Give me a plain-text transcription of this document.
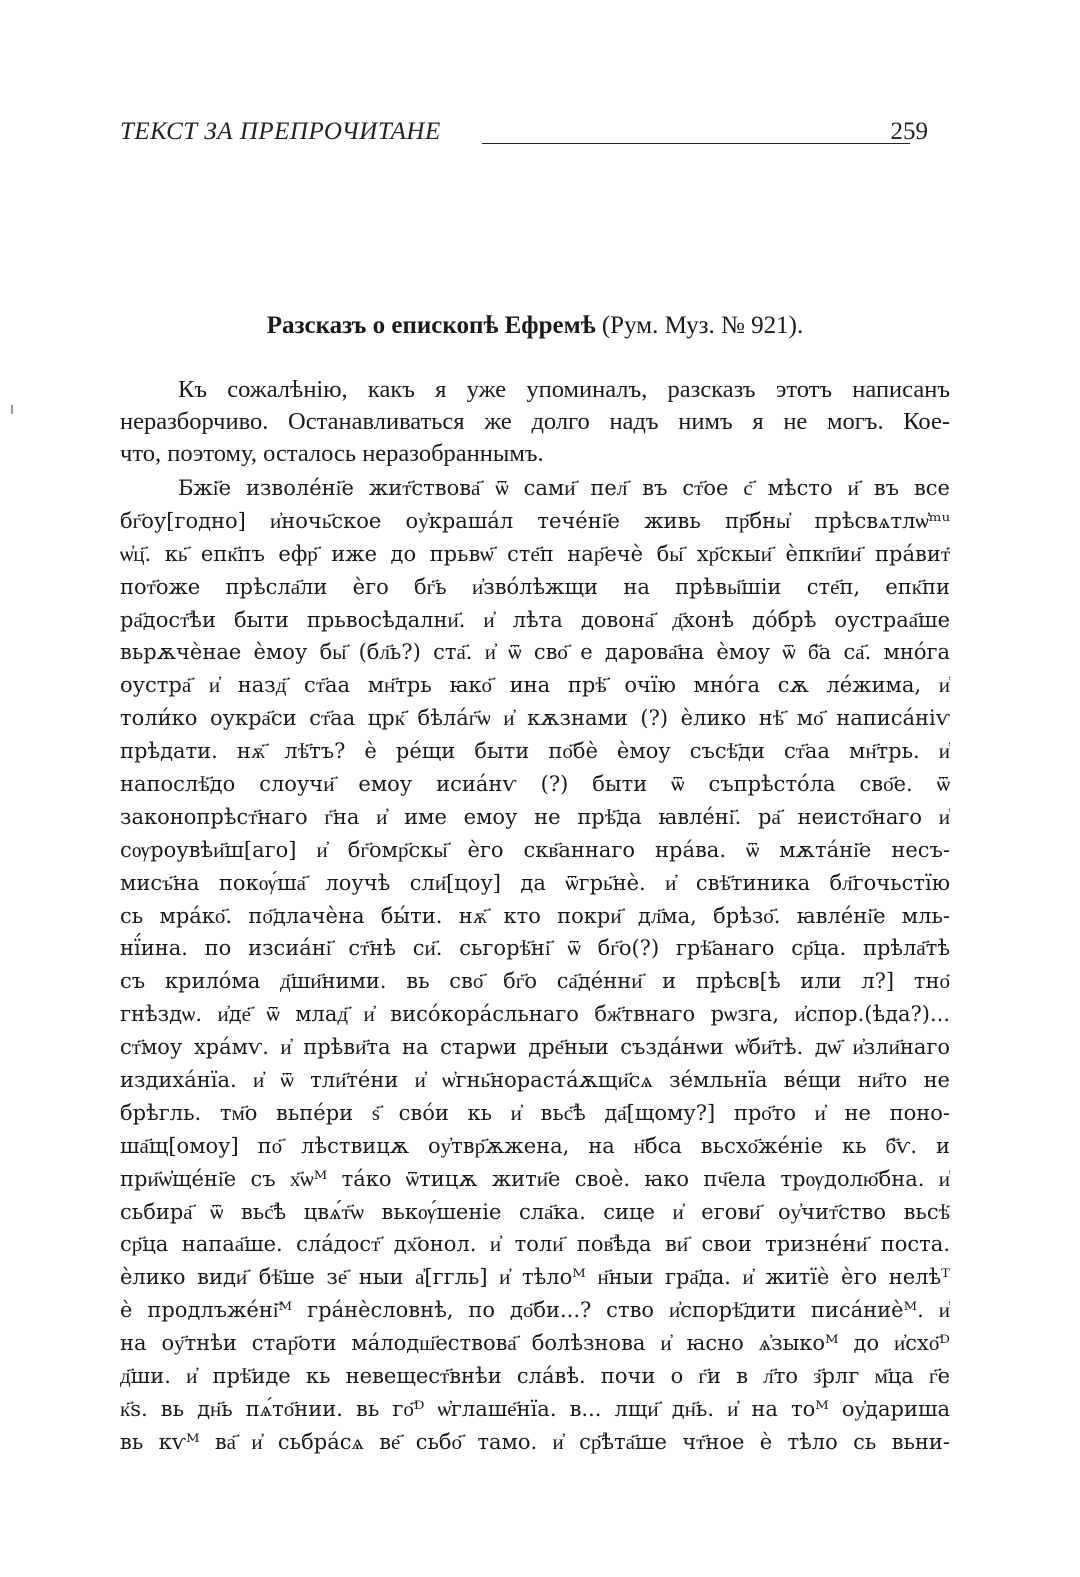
ТЕКСТ ЗА ПРЕПРОЧИТАНЕ	259
Разсказъ о епископѣ Ефремѣ (Рум. Муз. № 921).
Къ сожалѣнію, какъ я уже упоминалъ, разсказъ этотъ написанъ
неразборчиво. Останавливаться же долго надъ нимъ я не могъ. Кое-
что, поэтому, осталось неразобраннымъ.
Бжі҃е изволе́ні҃е жит҃ствова҃ ѿ сами҃ пел҃ въ ст҃ое с҃ мѣсто и҃ въ все
бг҃оу[годно] и҆ночь҃ское оу҆краша́л тече́ні҃е живь пр҃бны҆ прѣсвѧтлѡ҆ᵐᵘ
ѡ҆ц҃. кь҃ епк҃пъ ефр҃ иже до прьвѡ҃ сте҃п нар҃ечѐ бы҃ хр҃скыи҃ ѐпкп҃ии҃ пра́вит҃
пот҃оже прѣсла҃ли ѐго бг҃ь и҆зво́лѣжщи на прѣвы҃шіи сте҃п, епк҃пи
ра҃дост҃ѣи быти прьвосѣдални҃. и҆ лѣта довона҃ д҃хонѣ до́брѣ оустраа҃ше
вьрѫчѐнае ѐмоу бы҃ (бл҃ь?) ста҃. и҆ ѿ сво҃ е дарова҃на ѐмоу ѿ б҃а са҃. мно́га
оустра҃ и҆ назд҃ ст҃аа мн҃трь ꙗко҃ ина прѣ҃ очїю мно́га сѫ ле́жима, и҆
толи́ко оукра҃си ст҃аа црк҃ бѣла́г҃ѡ и҆ кѫзнами (?) ѐлико нѣ҃ мо҃ написа́ніѵ
прѣдати. нѫ҃ лѣ҃тъ? ѐ ре́щи быти по҃бѐ ѐмоу съсѣ҃ди ст҃аа мн҃трь. и҆
напослѣ҃до слоучи҃ емоу исиа́нѵ (?) быти ѿ съпрѣсто́ла сво҃е. ѿ
законопрѣст҃наго г҃на и҆ име емоу не прѣ҃да ꙗвле́ні҃. ра҃ неисто҃наго и҆
сѹроувѣи҃ш[аго] и҆ бг҃омр҃скы҃ ѐго скв҃аннаго нра́ва. ѿ мѫта́ні҃е несъ-
мисъ҃на покѹ́ша҃ лоучѣ сли҃[цоу] да ѿгрь҃нѐ. и҆ свѣ҃тиника бл҃гочьстїю
сь мра́ко҃. по҃длачѐна бы́ти. нѫ҃ кто покри҃ дл҃ма, брѣзо҃. ꙗвле́ні҃е мль-
нї́ина. по изсиа́ні҃ ст҃нѣ си҃. сьгорѣ҃ні҃ ѿ бг҃о(?) грѣ҃анаго ср҃ца. прѣла҃тѣ
съ крило́ма д҃ши҃ними. вь сво҃ бг҃о са҃де́нни҃ и прѣсв[ѣ или л?] тно҃
гнѣздѡ. и҆де҃ ѿ млад҃ и҆ висо́кора́сльнаго бж҃твнаго рѡзга, и҆спор.(ѣда?)...
ст҃моу хра́мѵ. и҆ прѣви҃та на старѡи дре҃ныи създа́нѡи ѡ҆би҃тѣ. дѡ҃ и҆зли҃наго
издиха́нїа. и҆ ѿ тли҃те́ни и҆ ѡ҆гнь҃нораста́ѫщи҃сѧ зе́мльнїа ве́щи ни҃то не
брѣгль. тм҃о вьпе́ри ѕ҃ сво́и кь и҆ вьс҃ѣ да҃[щому?] про҃то и҆ не поно-
ша҃щ[омоу] по҃ лѣствицѫ оу҆твр҃ѫжена, на н҃бса вьсхо҃же́ніе кь б҃ѵ. и
при҃ѡ҆ще́ні҃е съ х҃ѡᴹ та́ко ѿтицѫ жити҃е своѐ. ꙗко пч҃ела трѹдолю҃бна. и҆
сьбира҃ ѿ вьс҃ѣ цвѧ́т҃ѡ вькѹ́шеніе сла҃ка. сице и҆ егови҃ оу҆чит҃ство вьсѣ҃
ср҃ца напаа҃ше. сла́дост҃ дх҃онол. и҆ толи҃ пов҃ѣда ви҃ свои тризне́ни҃ поста.
ѐлико види҃ бѣ҃ше зе҃ ныи а҆[ггль] и҆ тѣлоᴹ н҃ныи гра҃да. и҆ житїѐ ѐго нелѣᵀ
ѐ продлъже́ні҃ᴹ гра́нѐсловнѣ, по до҃би...? ство и҆спорѣ҃дити писа́ниѐᴹ. и҆
на оу҃тнѣи стар҃оти ма́лодш҃ествова҃ болѣзнова и҆ ꙗсно ѧ҆зыкоᴹ до и҆схо҃ᴰ
д҃ши. и҆ прѣ҃иде кь невещест҃внѣи сла́вѣ. почи о г҃и в л҃то з҃рлг м҃ца г҃е
к҃ѕ. вь дн҃ь пѧ́то҃нии. вь го҃ᴰ ѡ҆глаше҃нїа. в... лщи҃ дн҃ь. и҆ на тоᴹ оу҆дариша
вь кѵᴹ ва҃ и҆ сьбра́сѧ ве҃ сьбо҃ тамо. и҆ ср҃ѣта҃ше чт҃ное ѐ тѣло сь вьни-
